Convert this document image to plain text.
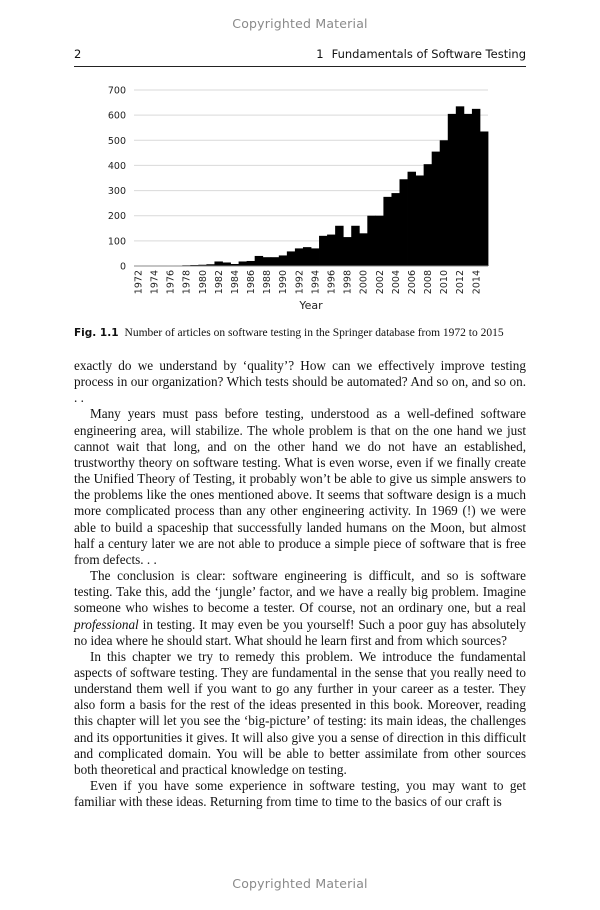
Copyrighted Material
2	1 Fundamentals of Software Testing
0
100
200
300
400
500
600
700
1972 1974 1976 1978 1980 1982 1984 1986 1988 1990 1992 1994 1996 1998 2000 2002 2004 2006 2008 2010 2012 2014
Year
Fig. 1.1 Number of articles on software testing in the Springer database from 1972 to 2015

exactly do we understand by ‘quality’? How can we effectively improve testing process in our organization? Which tests should be automated? And so on, and so on. . .

Many years must pass before testing, understood as a well-defined software engineering area, will stabilize. The whole problem is that on the one hand we just cannot wait that long, and on the other hand we do not have an established, trustworthy theory on software testing. What is even worse, even if we finally create the Unified Theory of Testing, it probably won’t be able to give us simple answers to the problems like the ones mentioned above. It seems that software design is a much more complicated process than any other engineering activity. In 1969 (!) we were able to build a spaceship that successfully landed humans on the Moon, but almost half a century later we are not able to produce a simple piece of software that is free from defects. . .

The conclusion is clear: software engineering is difficult, and so is software testing. Take this, add the ‘jungle’ factor, and we have a really big problem. Imagine someone who wishes to become a tester. Of course, not an ordinary one, but a real professional in testing. It may even be you yourself! Such a poor guy has absolutely no idea where he should start. What should he learn first and from which sources?

In this chapter we try to remedy this problem. We introduce the fundamental aspects of software testing. They are fundamental in the sense that you really need to understand them well if you want to go any further in your career as a tester. They also form a basis for the rest of the ideas presented in this book. Moreover, reading this chapter will let you see the ‘big-picture’ of testing: its main ideas, the challenges and its opportunities it gives. It will also give you a sense of direction in this difficult and complicated domain. You will be able to better assimilate from other sources both theoretical and practical knowledge on testing.

Even if you have some experience in software testing, you may want to get familiar with these ideas. Returning from time to time to the basics of our craft is

Copyrighted Material
